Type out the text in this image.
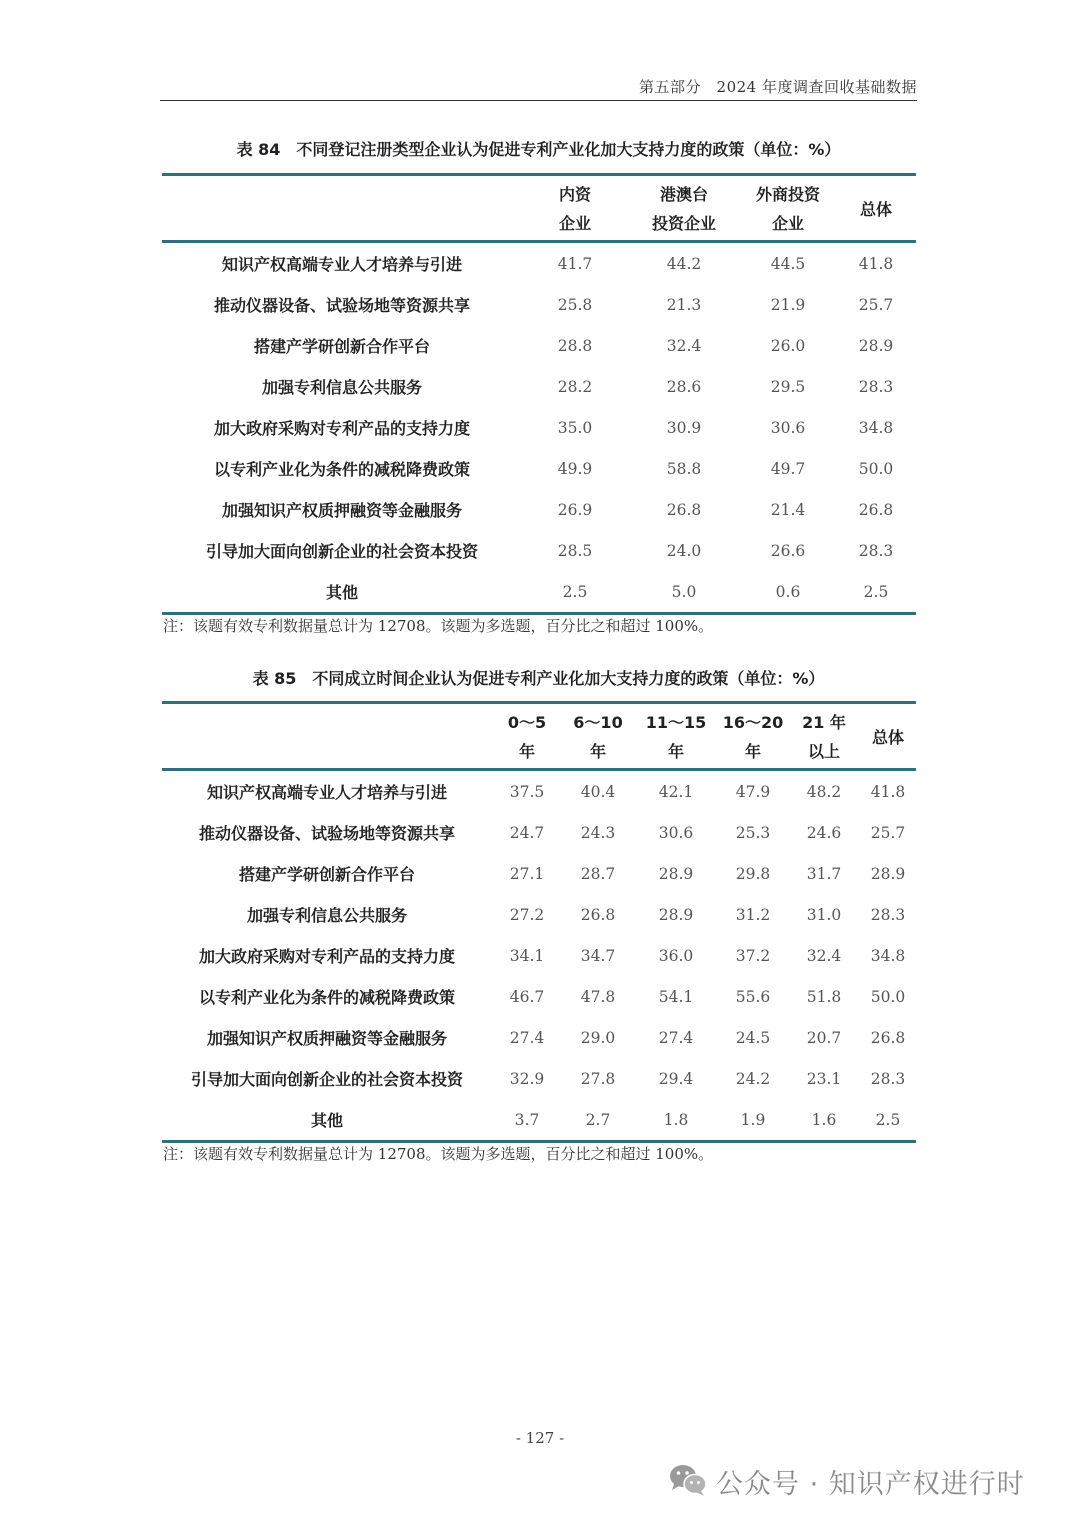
第五部分　2024 年度调查回收基础数据
表 84　不同登记注册类型企业认为促进专利产业化加大支持力度的政策（单位：%）

内资
企业

港澳台
投资企业

外商投资
企业

总体

知识产权高端专业人才培养与引进	41.7	44.2	44.5	41.8
推动仪器设备、试验场地等资源共享	25.8	21.3	21.9	25.7
搭建产学研创新合作平台	28.8	32.4	26.0	28.9
加强专利信息公共服务	28.2	28.6	29.5	28.3
加大政府采购对专利产品的支持力度	35.0	30.9	30.6	34.8
以专利产业化为条件的减税降费政策	49.9	58.8	49.7	50.0
加强知识产权质押融资等金融服务	26.9	26.8	21.4	26.8
引导加大面向创新企业的社会资本投资	28.5	24.0	26.6	28.3
其他	2.5	5.0	0.6	2.5
注：该题有效专利数据量总计为 12708。该题为多选题，百分比之和超过 100%。
表 85　不同成立时间企业认为促进专利产业化加大支持力度的政策（单位：%）

0～5
年

6～10
年

11～15
年

16～20
年

21 年
以上

总体

知识产权高端专业人才培养与引进	37.5	40.4	42.1	47.9	48.2	41.8
推动仪器设备、试验场地等资源共享	24.7	24.3	30.6	25.3	24.6	25.7
搭建产学研创新合作平台	27.1	28.7	28.9	29.8	31.7	28.9
加强专利信息公共服务	27.2	26.8	28.9	31.2	31.0	28.3
加大政府采购对专利产品的支持力度	34.1	34.7	36.0	37.2	32.4	34.8
以专利产业化为条件的减税降费政策	46.7	47.8	54.1	55.6	51.8	50.0
加强知识产权质押融资等金融服务	27.4	29.0	27.4	24.5	20.7	26.8
引导加大面向创新企业的社会资本投资	32.9	27.8	29.4	24.2	23.1	28.3
其他	3.7	2.7	1.8	1.9	1.6	2.5
注：该题有效专利数据量总计为 12708。该题为多选题，百分比之和超过 100%。
- 127 -
公众号 · 知识产权进行时
